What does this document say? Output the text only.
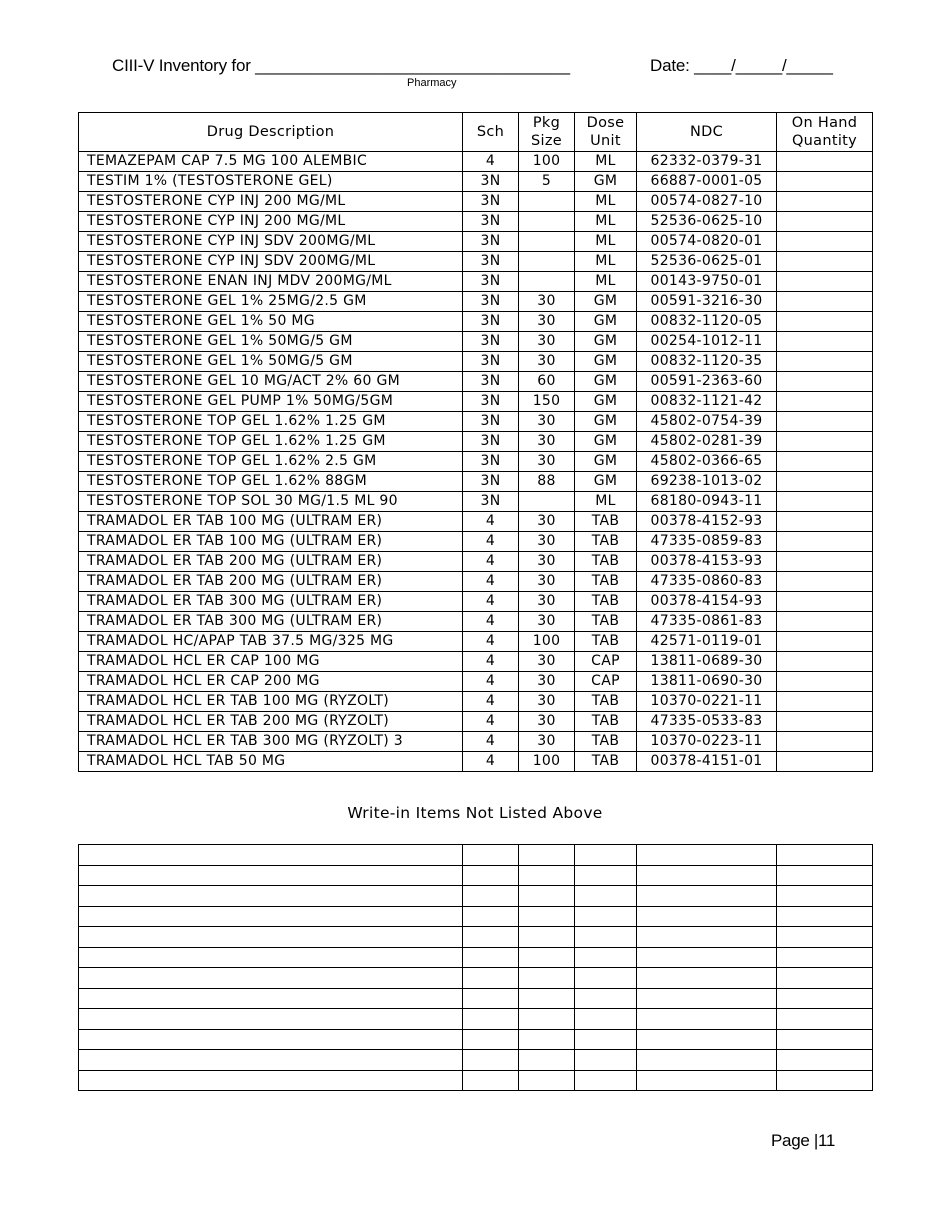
CIII-V Inventory for __________________________________
Pharmacy
Date: ____/_____/_____
Drug Description	Sch	Pkg Size	Dose Unit	NDC	On Hand Quantity
TEMAZEPAM CAP 7.5 MG 100 ALEMBIC	4	100	ML	62332-0379-31	
TESTIM 1% (TESTOSTERONE GEL)	3N	5	GM	66887-0001-05	
TESTOSTERONE CYP INJ 200 MG/ML	3N		ML	00574-0827-10	
TESTOSTERONE CYP INJ 200 MG/ML	3N		ML	52536-0625-10	
TESTOSTERONE CYP INJ SDV 200MG/ML	3N		ML	00574-0820-01	
TESTOSTERONE CYP INJ SDV 200MG/ML	3N		ML	52536-0625-01	
TESTOSTERONE ENAN INJ MDV 200MG/ML	3N		ML	00143-9750-01	
TESTOSTERONE GEL 1% 25MG/2.5 GM	3N	30	GM	00591-3216-30	
TESTOSTERONE GEL 1% 50 MG	3N	30	GM	00832-1120-05	
TESTOSTERONE GEL 1% 50MG/5 GM	3N	30	GM	00254-1012-11	
TESTOSTERONE GEL 1% 50MG/5 GM	3N	30	GM	00832-1120-35	
TESTOSTERONE GEL 10 MG/ACT 2% 60 GM	3N	60	GM	00591-2363-60	
TESTOSTERONE GEL PUMP 1% 50MG/5GM	3N	150	GM	00832-1121-42	
TESTOSTERONE TOP GEL 1.62% 1.25 GM	3N	30	GM	45802-0754-39	
TESTOSTERONE TOP GEL 1.62% 1.25 GM	3N	30	GM	45802-0281-39	
TESTOSTERONE TOP GEL 1.62% 2.5 GM	3N	30	GM	45802-0366-65	
TESTOSTERONE TOP GEL 1.62% 88GM	3N	88	GM	69238-1013-02	
TESTOSTERONE TOP SOL 30 MG/1.5 ML 90	3N		ML	68180-0943-11	
TRAMADOL ER TAB 100 MG (ULTRAM ER)	4	30	TAB	00378-4152-93	
TRAMADOL ER TAB 100 MG (ULTRAM ER)	4	30	TAB	47335-0859-83	
TRAMADOL ER TAB 200 MG (ULTRAM ER)	4	30	TAB	00378-4153-93	
TRAMADOL ER TAB 200 MG (ULTRAM ER)	4	30	TAB	47335-0860-83	
TRAMADOL ER TAB 300 MG (ULTRAM ER)	4	30	TAB	00378-4154-93	
TRAMADOL ER TAB 300 MG (ULTRAM ER)	4	30	TAB	47335-0861-83	
TRAMADOL HC/APAP TAB 37.5 MG/325 MG	4	100	TAB	42571-0119-01	
TRAMADOL HCL ER CAP 100 MG	4	30	CAP	13811-0689-30	
TRAMADOL HCL ER CAP 200 MG	4	30	CAP	13811-0690-30	
TRAMADOL HCL ER TAB 100 MG (RYZOLT)	4	30	TAB	10370-0221-11	
TRAMADOL HCL ER TAB 200 MG (RYZOLT)	4	30	TAB	47335-0533-83	
TRAMADOL HCL ER TAB 300 MG (RYZOLT) 3	4	30	TAB	10370-0223-11	
TRAMADOL HCL TAB 50 MG	4	100	TAB	00378-4151-01	
Write-in Items Not Listed Above

Page |11
